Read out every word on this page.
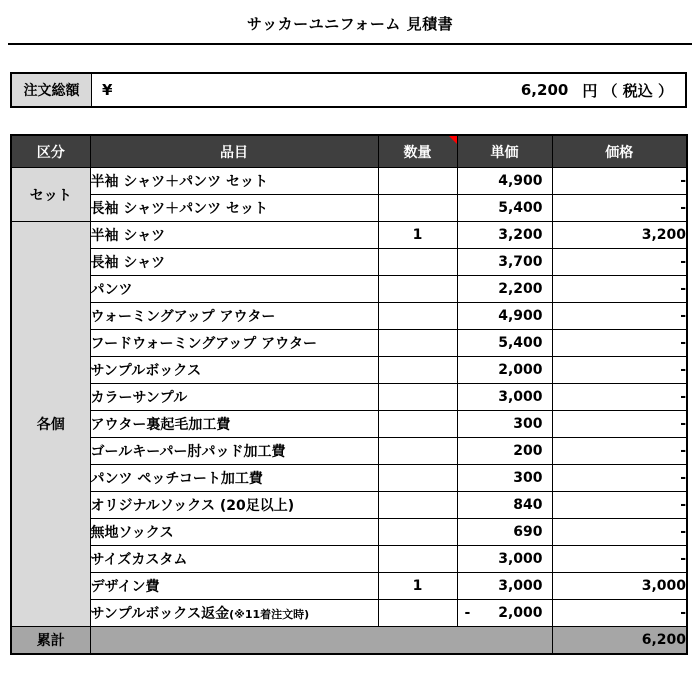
サッカーユニフォーム 見積書
注文総額	¥	6,200 円 （ 税込 ）
区分	品目	数量	単価	価格
セット	半袖 シャツ＋パンツ セット		4,900	-
	長袖 シャツ＋パンツ セット		5,400	-
各個	半袖 シャツ	1	3,200	3,200
	長袖 シャツ		3,700	-
	パンツ		2,200	-
	ウォーミングアップ アウター		4,900	-
	フードウォーミングアップ アウター		5,400	-
	サンプルボックス		2,000	-
	カラーサンプル		3,000	-
	アウター裏起毛加工費		300	-
	ゴールキーパー肘パッド加工費		200	-
	パンツ ペッチコート加工費		300	-
	オリジナルソックス (20足以上)		840	-
	無地ソックス		690	-
	サイズカスタム		3,000	-
	デザイン費	1	3,000	3,000
	サンプルボックス返金(※11着注文時)		- 2,000	-
累計				6,200
